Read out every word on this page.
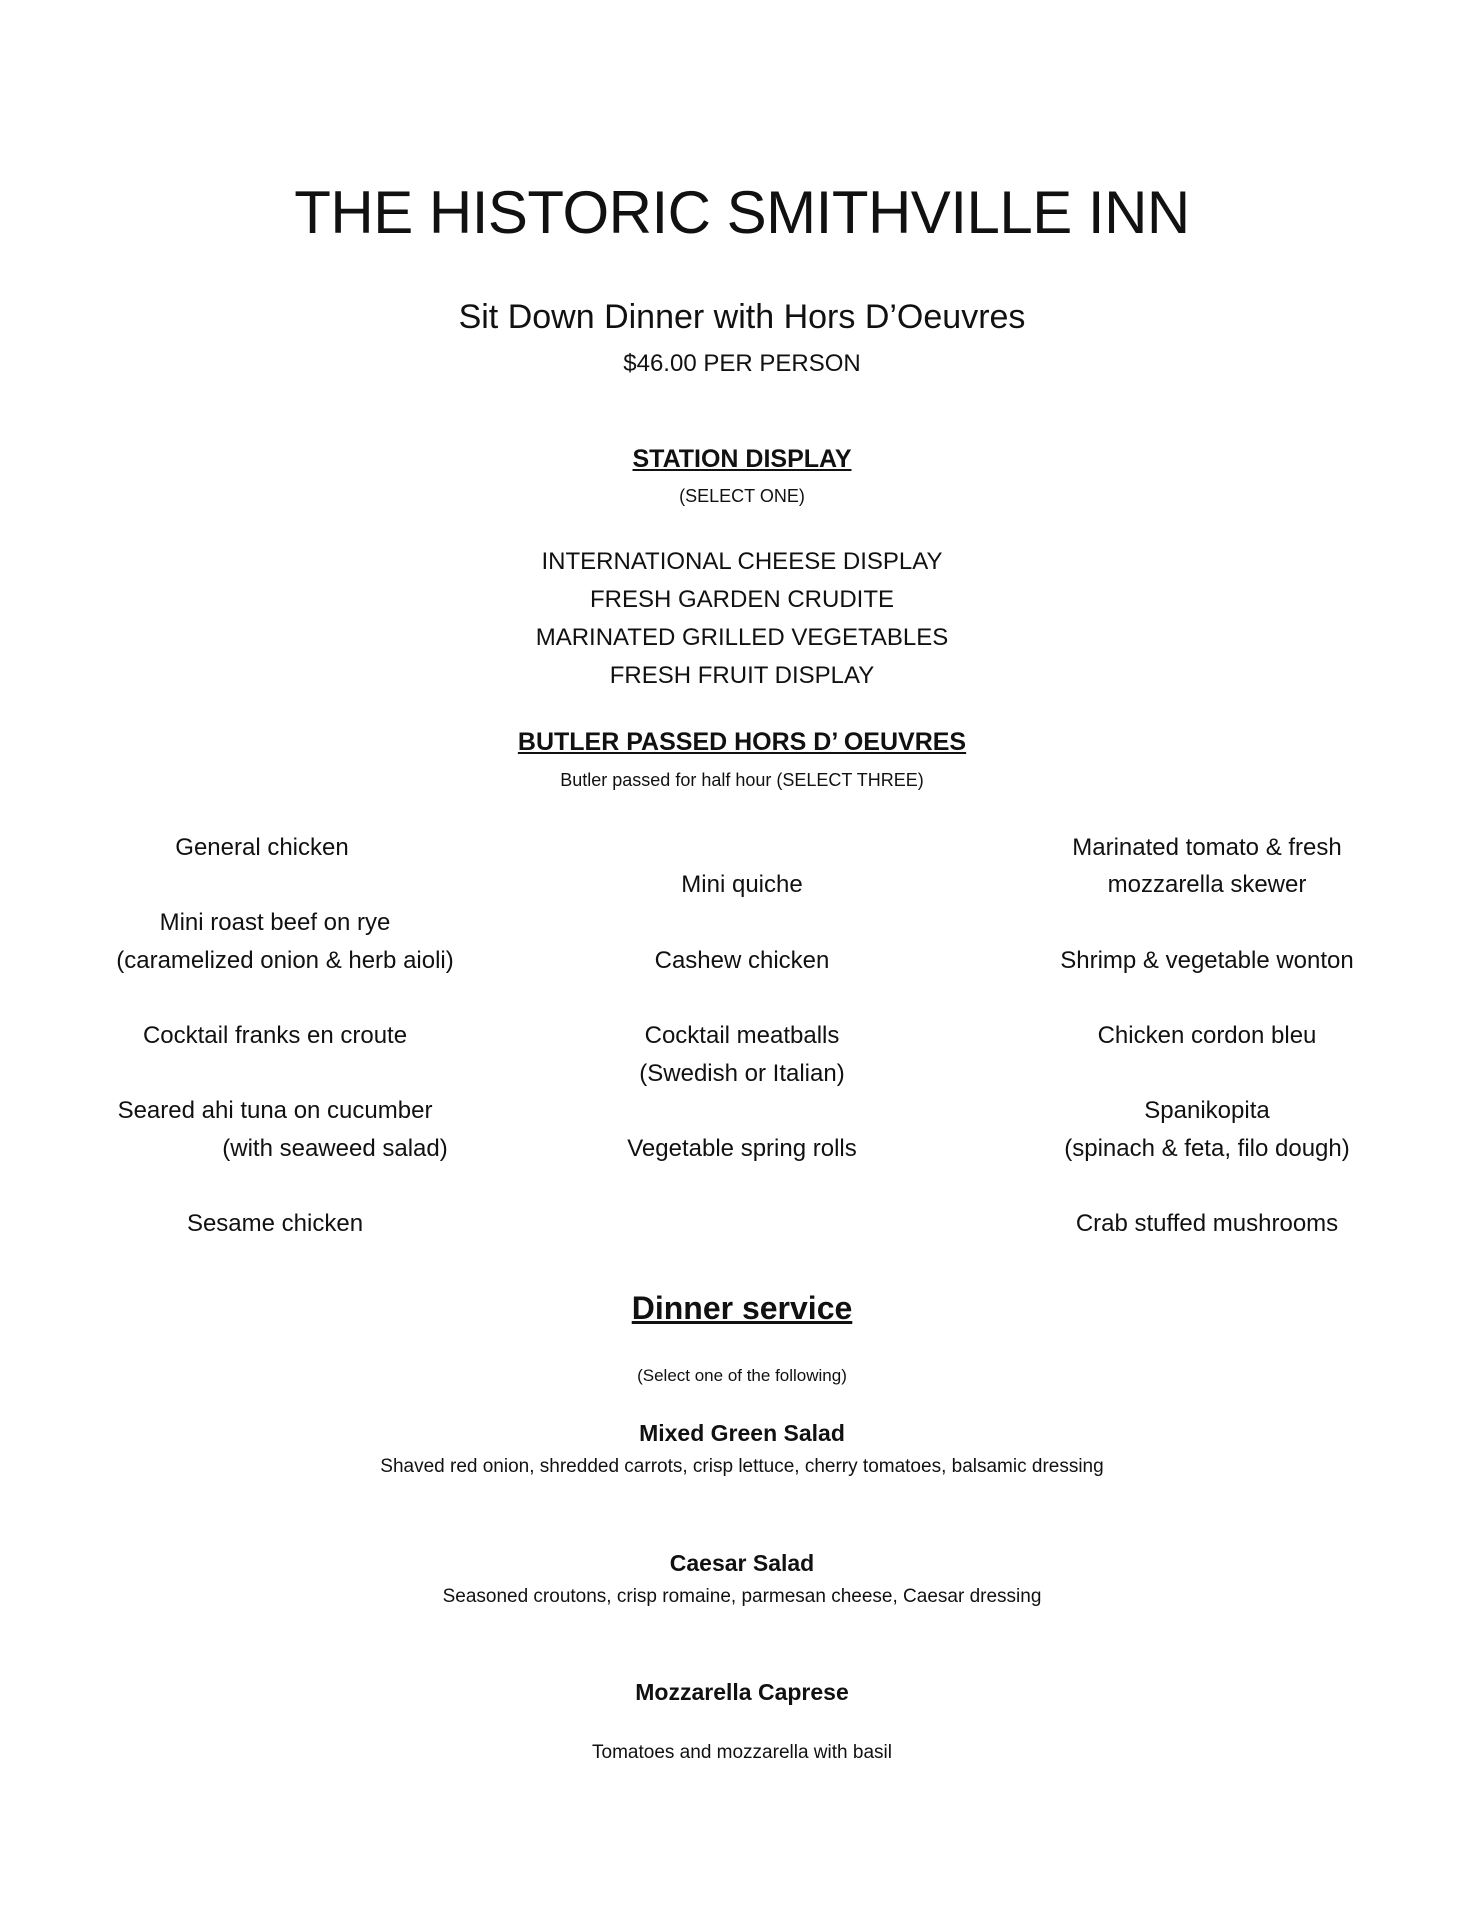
THE HISTORIC SMITHVILLE INN
Sit Down Dinner with Hors D’Oeuvres
$46.00 PER PERSON
STATION DISPLAY
(SELECT ONE)
INTERNATIONAL CHEESE DISPLAY
FRESH GARDEN CRUDITE
MARINATED GRILLED VEGETABLES
FRESH FRUIT DISPLAY
BUTLER PASSED HORS D’ OEUVRES
Butler passed for half hour (SELECT THREE)
General chicken
Mini roast beef on rye
(caramelized onion & herb aioli)
Cocktail franks en croute
Seared ahi tuna on cucumber
(with seaweed salad)
Sesame chicken
Mini quiche
Cashew chicken
Cocktail meatballs
(Swedish or Italian)
Vegetable spring rolls
Marinated tomato & fresh
mozzarella skewer
Shrimp & vegetable wonton
Chicken cordon bleu
Spanikopita
(spinach & feta, filo dough)
Crab stuffed mushrooms
Dinner service
(Select one of the following)
Mixed Green Salad
Shaved red onion, shredded carrots, crisp lettuce, cherry tomatoes, balsamic dressing
Caesar Salad
Seasoned croutons, crisp romaine, parmesan cheese, Caesar dressing
Mozzarella Caprese
Tomatoes and mozzarella with basil
